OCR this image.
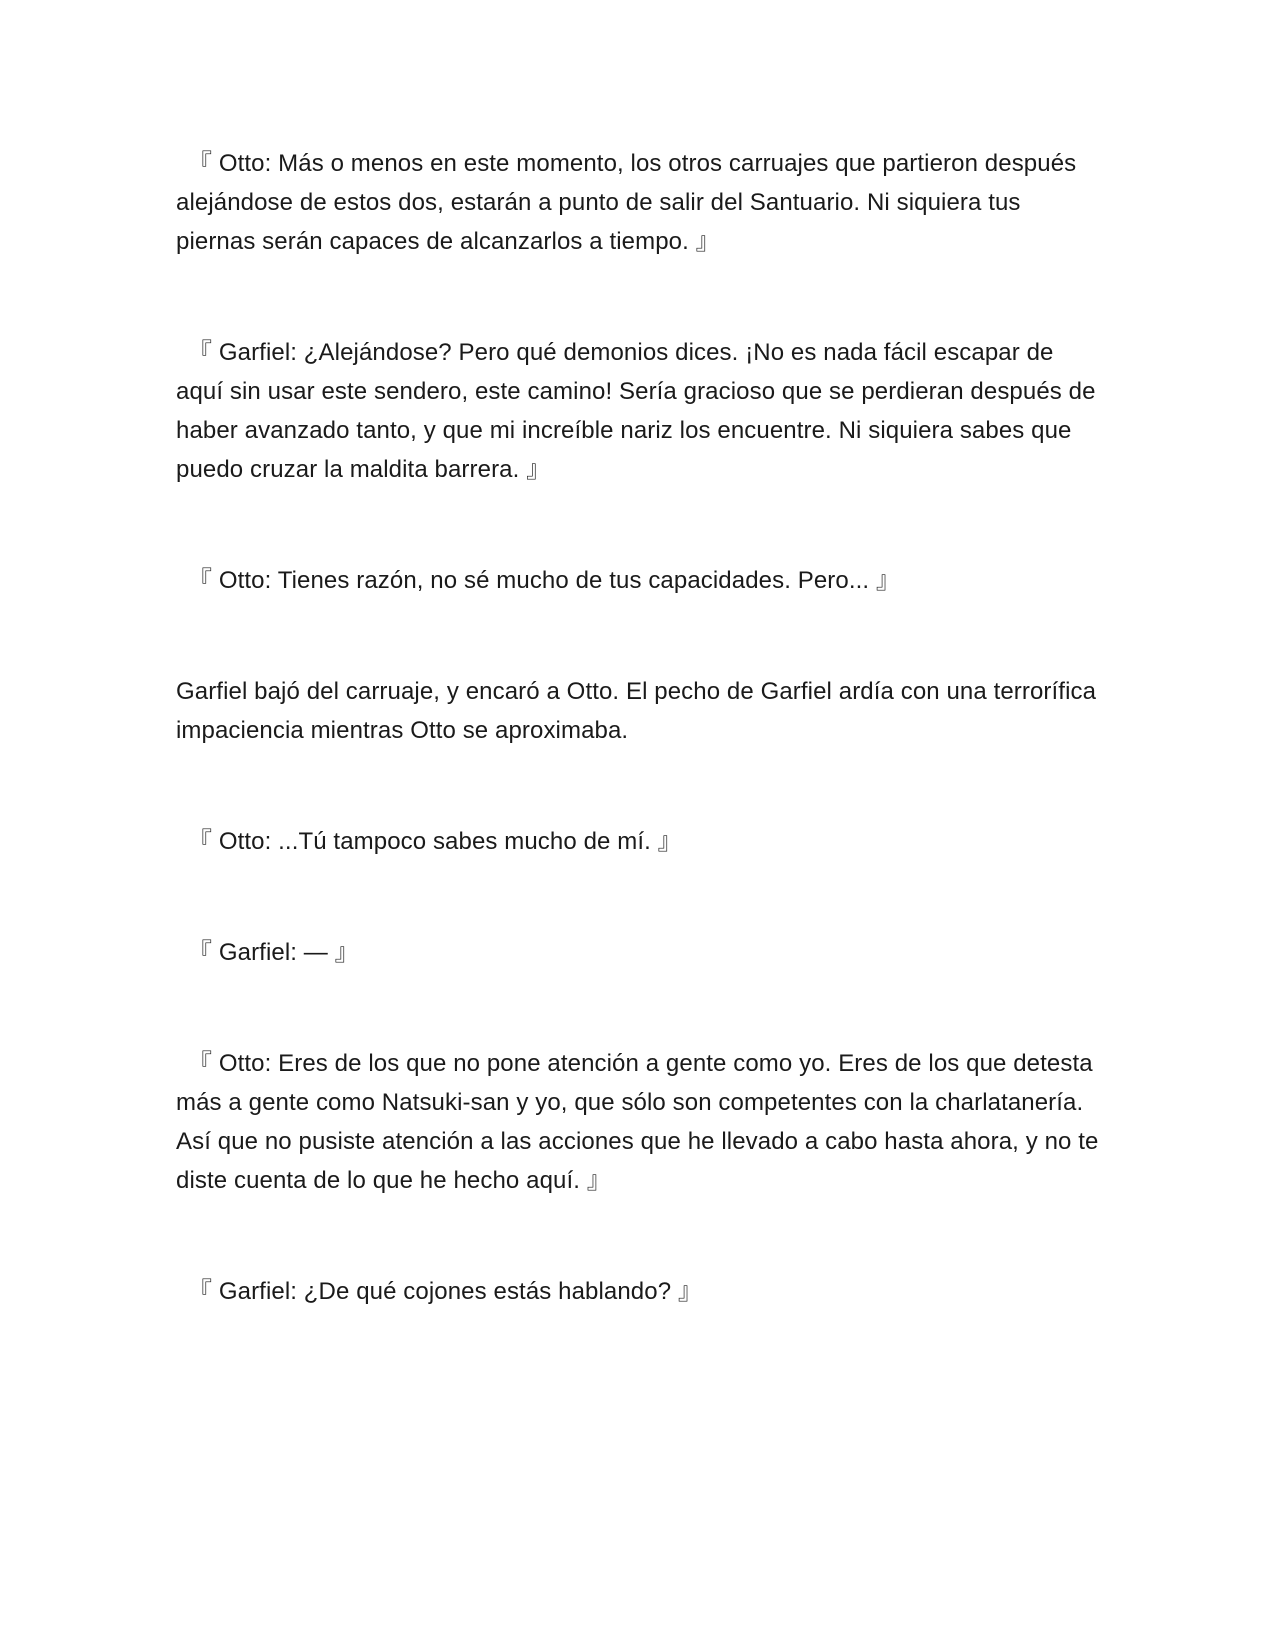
『 Otto: Más o menos en este momento, los otros carruajes que partieron después alejándose de estos dos, estarán a punto de salir del Santuario. Ni siquiera tus piernas serán capaces de alcanzarlos a tiempo. 』

『 Garfiel: ¿Alejándose? Pero qué demonios dices. ¡No es nada fácil escapar de aquí sin usar este sendero, este camino! Sería gracioso que se perdieran después de haber avanzado tanto, y que mi increíble nariz los encuentre. Ni siquiera sabes que puedo cruzar la maldita barrera. 』

『 Otto: Tienes razón, no sé mucho de tus capacidades. Pero... 』

Garfiel bajó del carruaje, y encaró a Otto. El pecho de Garfiel ardía con una terrorífica impaciencia mientras Otto se aproximaba.

『 Otto: ...Tú tampoco sabes mucho de mí. 』

『 Garfiel: — 』

『 Otto: Eres de los que no pone atención a gente como yo. Eres de los que detesta más a gente como Natsuki-san y yo, que sólo son competentes con la charlatanería. Así que no pusiste atención a las acciones que he llevado a cabo hasta ahora, y no te diste cuenta de lo que he hecho aquí. 』

『 Garfiel: ¿De qué cojones estás hablando? 』
